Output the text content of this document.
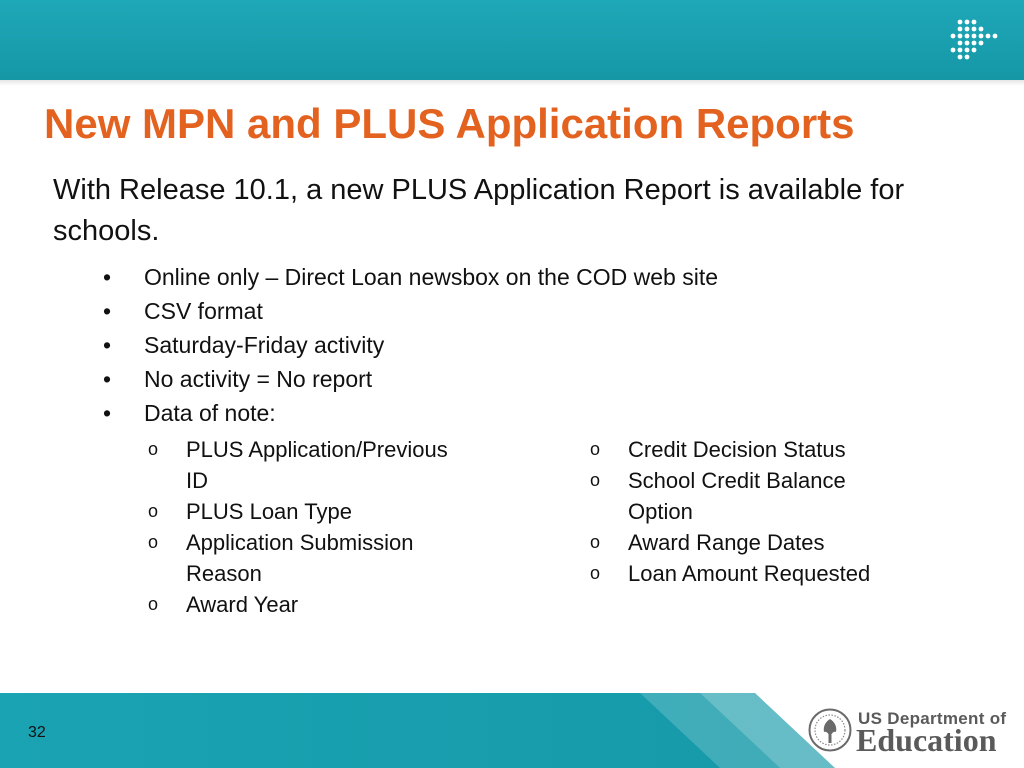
New MPN and PLUS Application Reports

With Release 10.1, a new PLUS Application Report is available for schools.

• Online only – Direct Loan newsbox on the COD web site
• CSV format
• Saturday-Friday activity
• No activity = No report
• Data of note:
o PLUS Application/Previous ID
o PLUS Loan Type
o Application Submission Reason
o Award Year
o Credit Decision Status
o School Credit Balance Option
o Award Range Dates
o Loan Amount Requested
32
US Department of
Education
